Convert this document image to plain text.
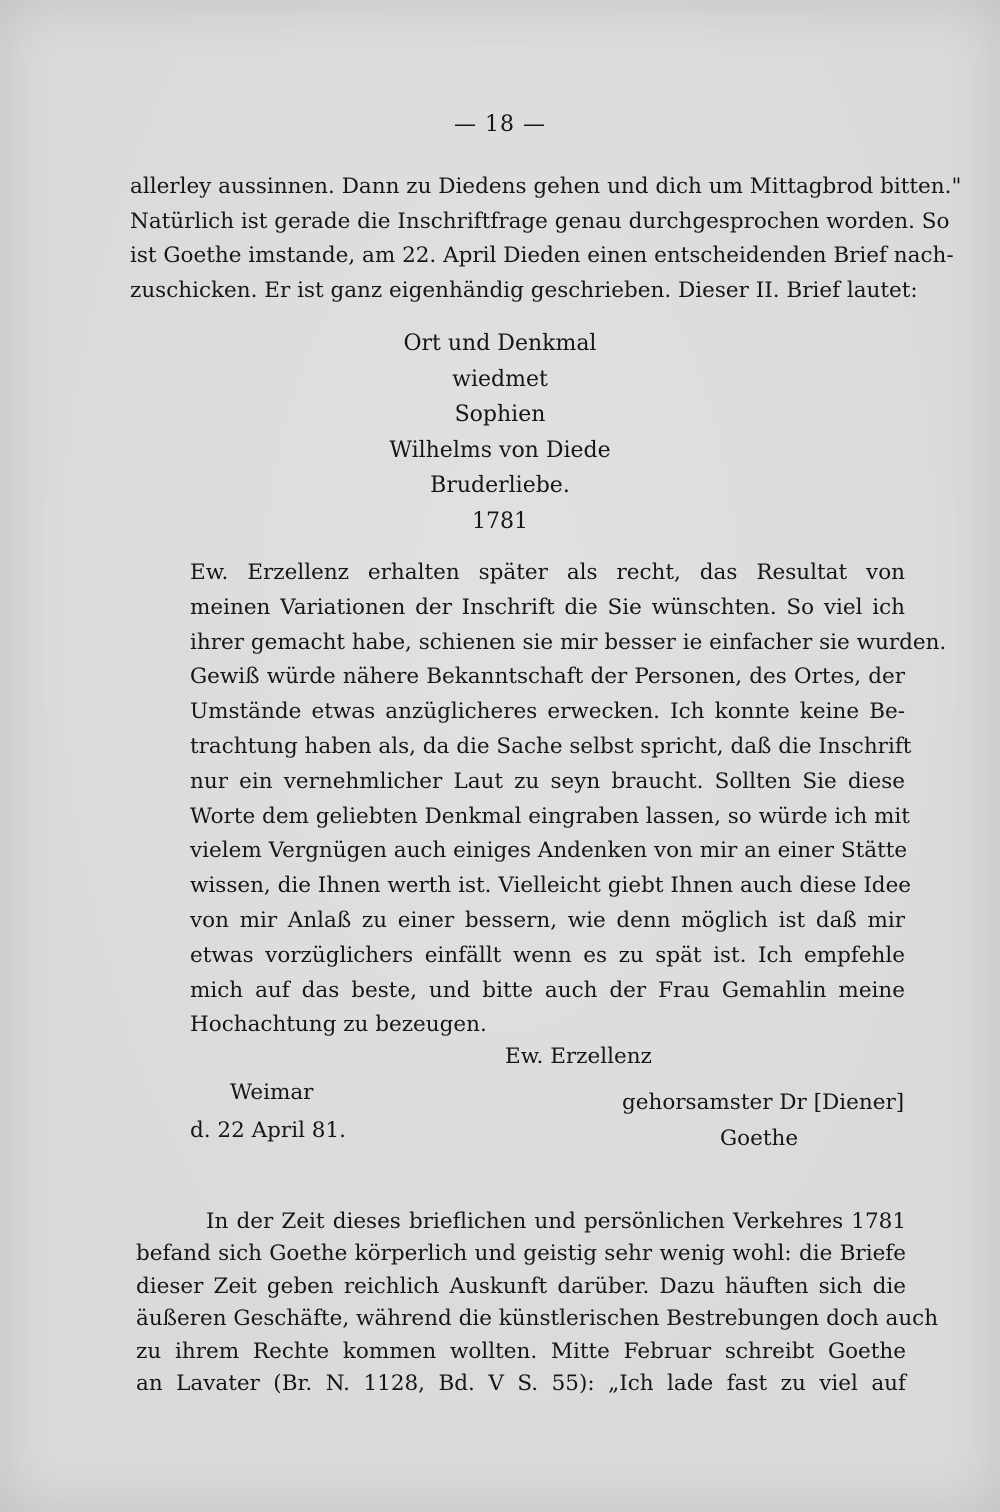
— 18 —
allerley aussinnen. Dann zu Diedens gehen und dich um Mittagbrod bitten."
Natürlich ist gerade die Inschriftfrage genau durchgesprochen worden. So
ist Goethe imstande, am 22. April Dieden einen entscheidenden Brief nach-
zuschicken. Er ist ganz eigenhändig geschrieben. Dieser II. Brief lautet:
Ort und Denkmal
wiedmet
Sophien
Wilhelms von Diede
Bruderliebe.
1781
Ew. Erzellenz erhalten später als recht, das Resultat von
meinen Variationen der Inschrift die Sie wünschten. So viel ich
ihrer gemacht habe, schienen sie mir besser ie einfacher sie wurden.
Gewiß würde nähere Bekanntschaft der Personen, des Ortes, der
Umstände etwas anzüglicheres erwecken. Ich konnte keine Be-
trachtung haben als, da die Sache selbst spricht, daß die Inschrift
nur ein vernehmlicher Laut zu seyn braucht. Sollten Sie diese
Worte dem geliebten Denkmal eingraben lassen, so würde ich mit
vielem Vergnügen auch einiges Andenken von mir an einer Stätte
wissen, die Ihnen werth ist. Vielleicht giebt Ihnen auch diese Idee
von mir Anlaß zu einer bessern, wie denn möglich ist daß mir
etwas vorzüglichers einfällt wenn es zu spät ist. Ich empfehle
mich auf das beste, und bitte auch der Frau Gemahlin meine
Hochachtung zu bezeugen.
Ew. Erzellenz
Weimar
d. 22 April 81.
gehorsamster Dr [Diener]
Goethe
In der Zeit dieses brieflichen und persönlichen Verkehres 1781
befand sich Goethe körperlich und geistig sehr wenig wohl: die Briefe
dieser Zeit geben reichlich Auskunft darüber. Dazu häuften sich die
äußeren Geschäfte, während die künstlerischen Bestrebungen doch auch
zu ihrem Rechte kommen wollten. Mitte Februar schreibt Goethe
an Lavater (Br. N. 1128, Bd. V S. 55): „Ich lade fast zu viel auf
